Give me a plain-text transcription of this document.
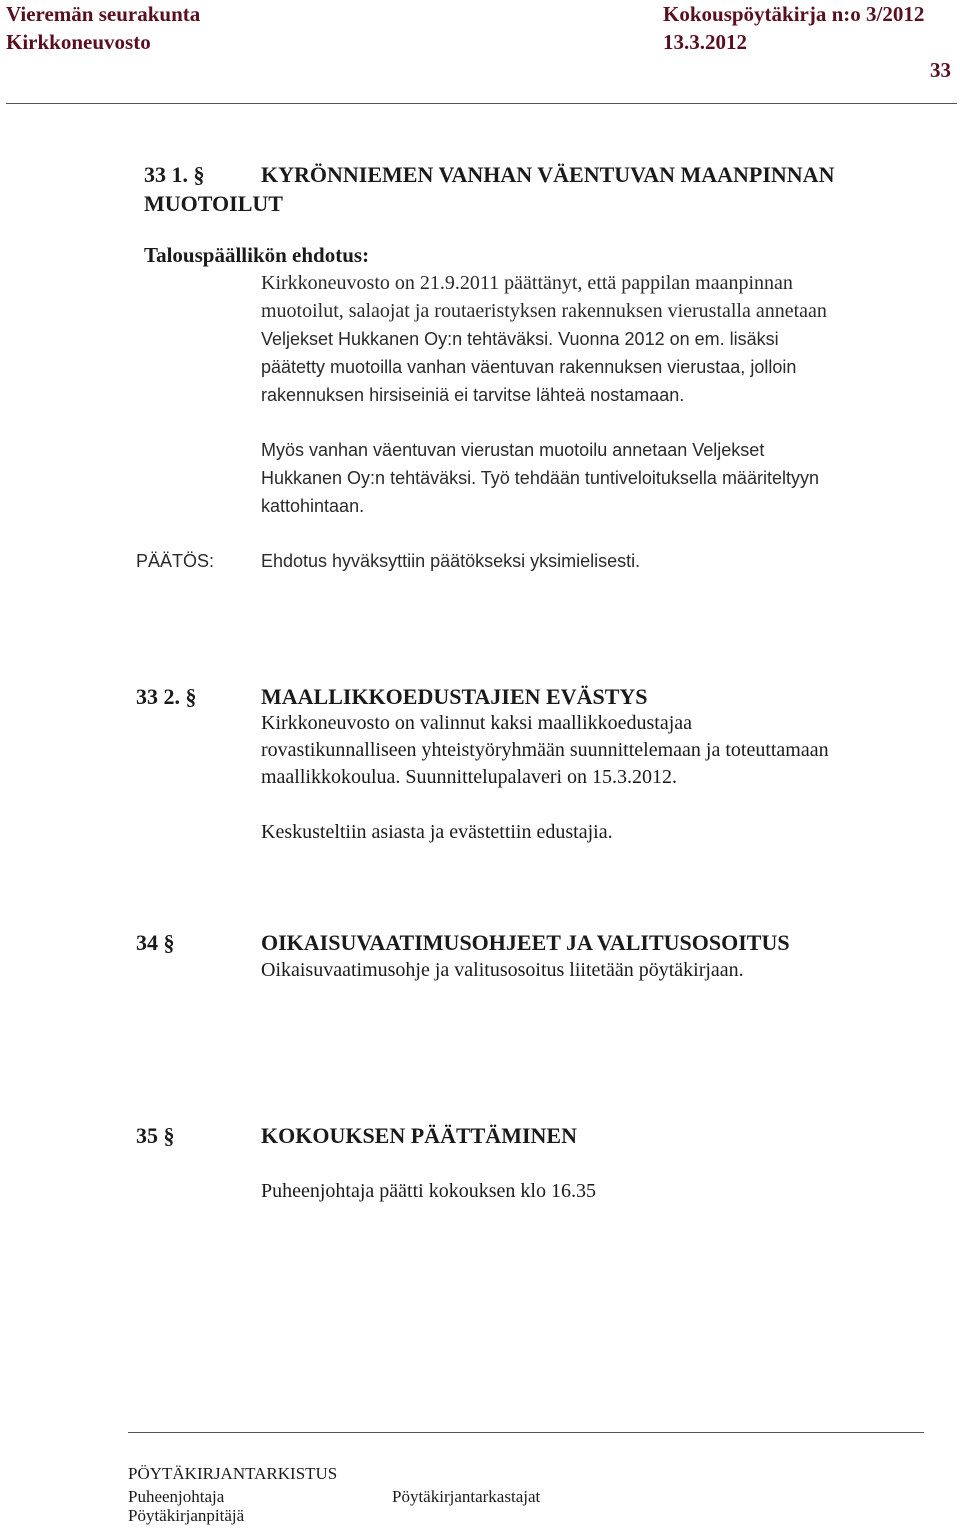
Vieremän seurakunta
Kirkkoneuvosto
Kokouspöytäkirja n:o 3/2012
13.3.2012
33
33 1. §	KYRÖNNIEMEN VANHAN VÄENTUVAN MAANPINNAN
MUOTOILUT
Talouspäällikön ehdotus:

Kirkkoneuvosto on 21.9.2011 päättänyt, että pappilan maanpinnan

muotoilut, salaojat ja routaeristyksen rakennuksen vierustalla annetaan

Veljekset Hukkanen Oy:n tehtäväksi. Vuonna 2012 on em. lisäksi

päätetty muotoilla vanhan väentuvan rakennuksen vierustaa, jolloin

rakennuksen hirsiseiniä ei tarvitse lähteä nostamaan.

Myös vanhan väentuvan vierustan muotoilu annetaan Veljekset

Hukkanen Oy:n tehtäväksi. Työ tehdään tuntiveloituksella määriteltyyn

kattohintaan.

PÄÄTÖS:	Ehdotus hyväksyttiin päätökseksi yksimielisesti.
33 2. §	MAALLIKKOEDUSTAJIEN EVÄSTYS

Kirkkoneuvosto on valinnut kaksi maallikkoedustajaa

rovastikunnalliseen yhteistyöryhmään suunnittelemaan ja toteuttamaan

maallikkokoulua. Suunnittelupalaveri on 15.3.2012.

Keskusteltiin asiasta ja evästettiin edustajia.
34 §	OIKAISUVAATIMUSOHJEET JA VALITUSOSOITUS
Oikaisuvaatimusohje ja valitusosoitus liitetään pöytäkirjaan.
35 §	KOKOUKSEN PÄÄTTÄMINEN
Puheenjohtaja päätti kokouksen klo 16.35
PÖYTÄKIRJANTARKISTUS
Puheenjohtaja	Pöytäkirjantarkastajat
Pöytäkirjanpitäjä
